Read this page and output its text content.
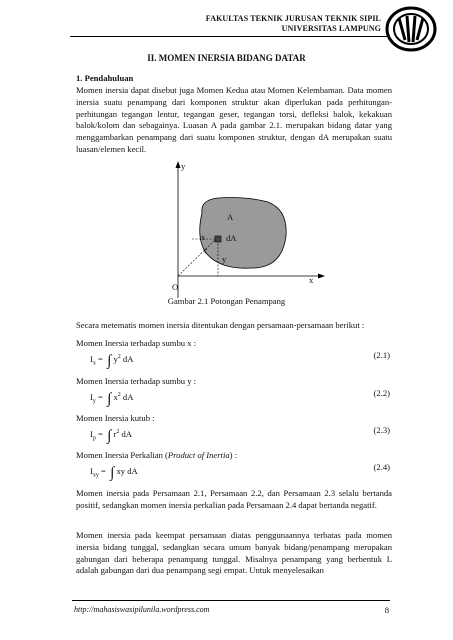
FAKULTAS TEKNIK JURUSAN TEKNIK SIPIL
UNIVERSITAS LAMPUNG
II. MOMEN INERSIA BIDANG DATAR
1. Pendahuluan
Momen inersia dapat disebut juga Momen Kedua atau Momen Kelembaman. Data momen inersia suatu penampang dari komponen struktur akan diperlukan pada perhitungan-perhitungan tegangan lentur, tegangan geser, tegangan torsi, defleksi balok, kekakuan balok/kolom dan sebagainya. Luasan A pada gambar 2.1. merupakan bidang datar yang menggambarkan penampang dari suatu komponen struktur, dengan dA merupakan suatu luasan/elemen kecil.
y
x
O
A
dA
x
y
r
Gambar 2.1 Potongan Penampang
Secara metematis momen inersia ditentukan dengan persamaan-persamaan berikut :
Momen Inersia terhadap sumbu x :
$I_x$ =  ∫ $y^2$ dA	(2.1)
Momen Inersia terhadap sumbu y :
$I_y$ =  ∫ $x^2$ dA	(2.2)
Momen Inersia kutub :
$I_p$ =  ∫ $r^2$ dA	(2.3)
Momen Inersia Perkalian (Product of Inertia) :
$I_{xy}$ =  ∫ xy dA	(2.4)
Momen inersia pada Persamaan 2.1, Persamaan 2.2, dan Persamaan 2.3 selalu bertanda positif, sedangkan momen inersia perkalian pada Persamaan 2.4 dapat bertanda negatif.
Momen inersia pada keempat persamaan diatas penggunaannya terbatas pada momen inersia bidang tunggal, sedangkan secara umum banyak bidang/penampang merupakan gabungan dari beberapa penampang tunggal. Misalnya penampang yang berbentuk L adalah gabungan dari dua penampang segi empat. Untuk menyelesaikan
http://mahasiswasipilunila.wordpress.com	8
